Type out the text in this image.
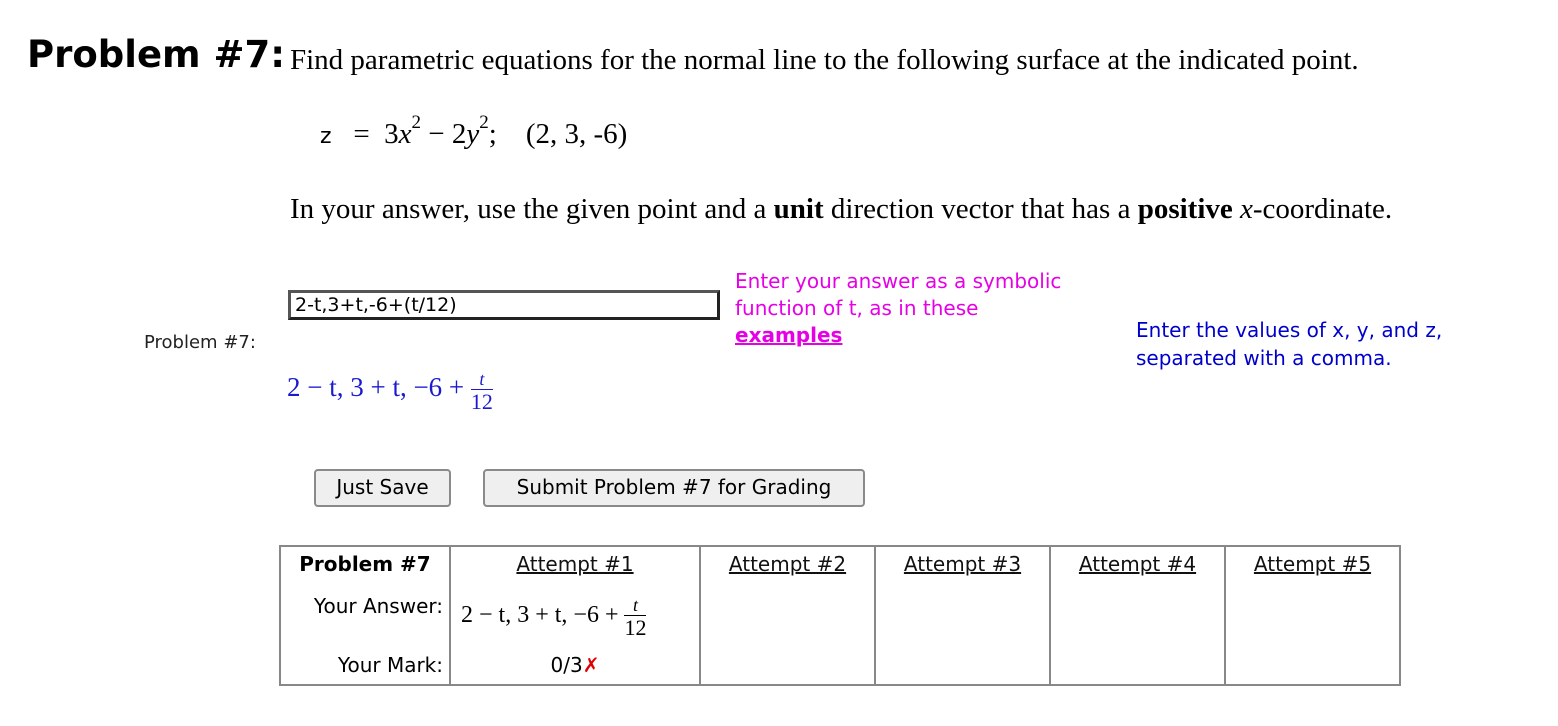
Problem #7: Find parametric equations for the normal line to the following surface at the indicated point.
$z = 3x^2 - 2y^2$;    (2, 3, -6)
In your answer, use the given point and a unit direction vector that has a positive x-coordinate.
Problem #7:
2-t,3+t,-6+(t/12)
Enter your answer as a symbolic function of t, as in these
examples	Enter the values of x, y, and z, separated with a comma.
2 − t, 3 + t, $-6 + \frac{t}{12}$
Just Save	Submit Problem #7 for Grading
Problem #7	Attempt #1	Attempt #2	Attempt #3	Attempt #4	Attempt #5
Your Answer:	2 − t, 3 + t, $-6 + \frac{t}{12}$

Your Mark:	0/3✗				
